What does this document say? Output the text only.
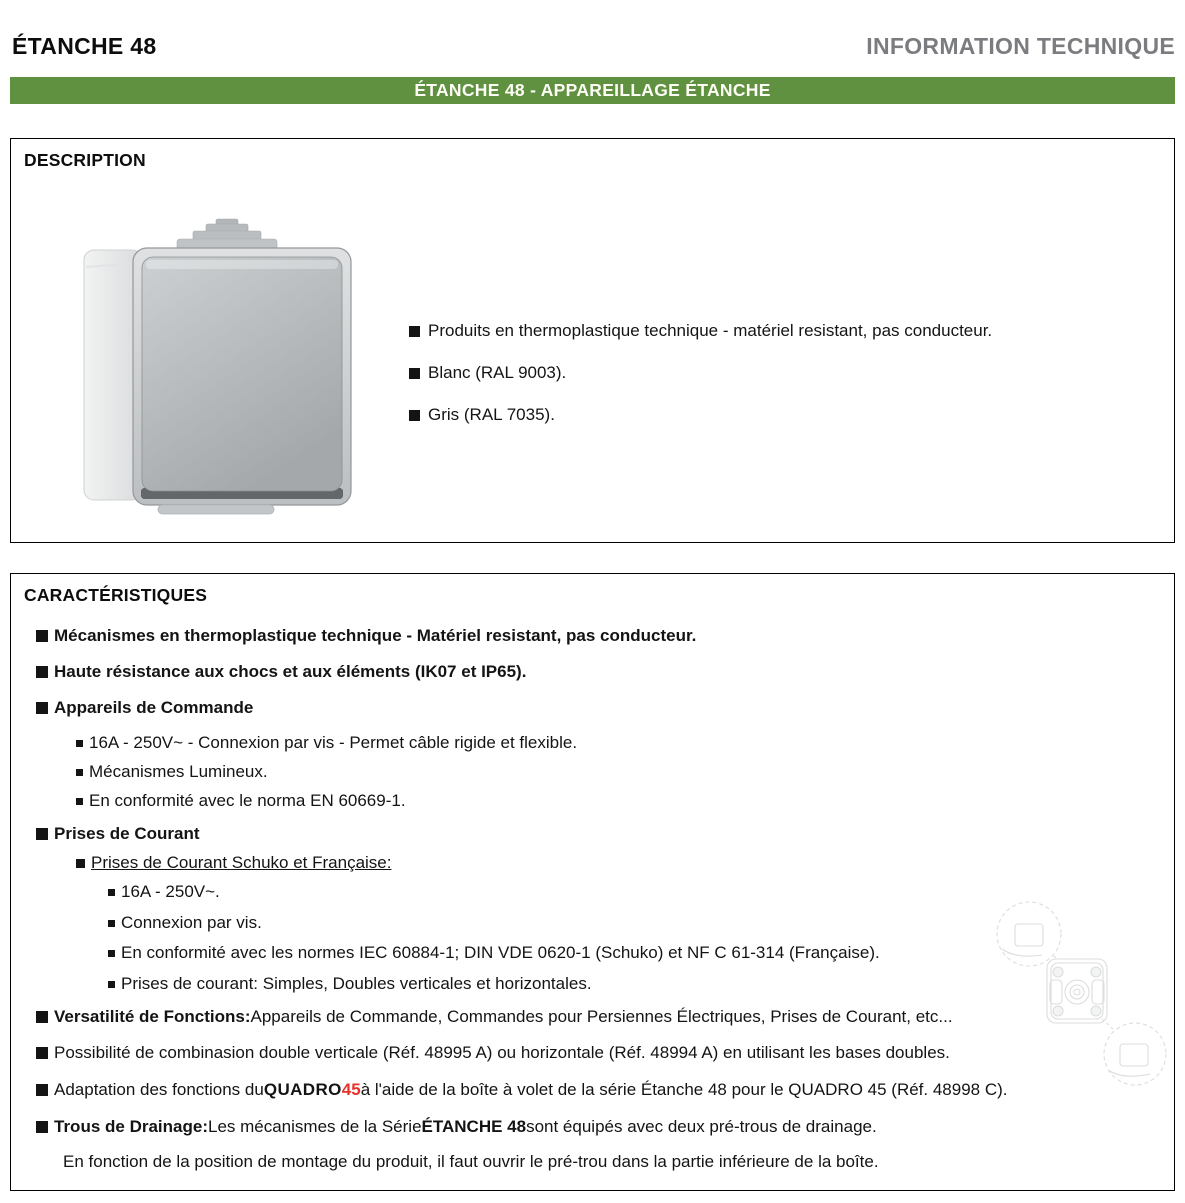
ÉTANCHE 48	INFORMATION TECHNIQUE
ÉTANCHE 48 - APPAREILLAGE ÉTANCHE
DESCRIPTION
Produits en thermoplastique technique - matériel resistant, pas conducteur.
Blanc (RAL 9003).
Gris (RAL 7035).
CARACTÉRISTIQUES
Mécanismes en thermoplastique technique - Matériel resistant, pas conducteur.
Haute résistance aux chocs et aux éléments (IK07 et IP65).
Appareils de Commande
16A - 250V~ - Connexion par vis - Permet câble rigide et flexible.
Mécanismes Lumineux.
En conformité avec le norma EN 60669-1.
Prises de Courant
Prises de Courant Schuko et Française:
16A - 250V~.
Connexion par vis.
En conformité avec les normes IEC 60884-1; DIN VDE 0620-1 (Schuko) et NF C 61-314 (Française).
Prises de courant: Simples, Doubles verticales et horizontales.
Versatilité de Fonctions: Appareils de Commande, Commandes pour Persiennes Électriques, Prises de Courant, etc...
Possibilité de combinasion double verticale (Réf. 48995 A) ou horizontale (Réf. 48994 A) en utilisant les bases doubles.
Adaptation des fonctions du QUADRO 45 à l'aide de la boîte à volet de la série Étanche 48 pour le QUADRO 45 (Réf. 48998 C).
Trous de Drainage: Les mécanismes de la Série ÉTANCHE 48 sont équipés avec deux pré-trous de drainage.
En fonction de la position de montage du produit, il faut ouvrir le pré-trou dans la partie inférieure de la boîte.
